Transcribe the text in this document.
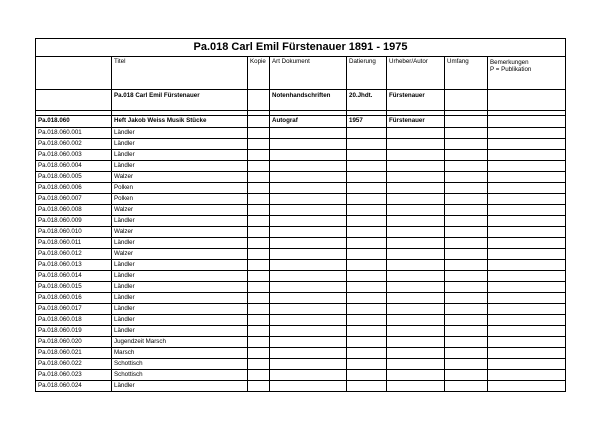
Pa.018 Carl Emil Fürstenauer 1891 - 1975							
	Titel	Kopie	Art Dokument	Datierung	Urheber/Autor	Umfang	Bemerkungen
P = Publikation
	Pa.018 Carl Emil Fürstenauer		Notenhandschriften	20.Jhdt.	Fürstenauer		

Pa.018.060	Heft Jakob Weiss Musik Stücke		Autograf	1957	Fürstenauer		
Pa.018.060.001	Ländler						
Pa.018.060.002	Ländler						
Pa.018.060.003	Ländler						
Pa.018.060.004	Ländler						
Pa.018.060.005	Walzer						
Pa.018.060.006	Polken						
Pa.018.060.007	Polken						
Pa.018.060.008	Walzer						
Pa.018.060.009	Ländler						
Pa.018.060.010	Walzer						
Pa.018.060.011	Ländler						
Pa.018.060.012	Walzer						
Pa.018.060.013	Ländler						
Pa.018.060.014	Ländler						
Pa.018.060.015	Ländler						
Pa.018.060.016	Ländler						
Pa.018.060.017	Ländler						
Pa.018.060.018	Ländler						
Pa.018.060.019	Ländler						
Pa.018.060.020	Jugendzeit Marsch						
Pa.018.060.021	Marsch						
Pa.018.060.022	Schottisch						
Pa.018.060.023	Schottisch						
Pa.018.060.024	Ländler						
